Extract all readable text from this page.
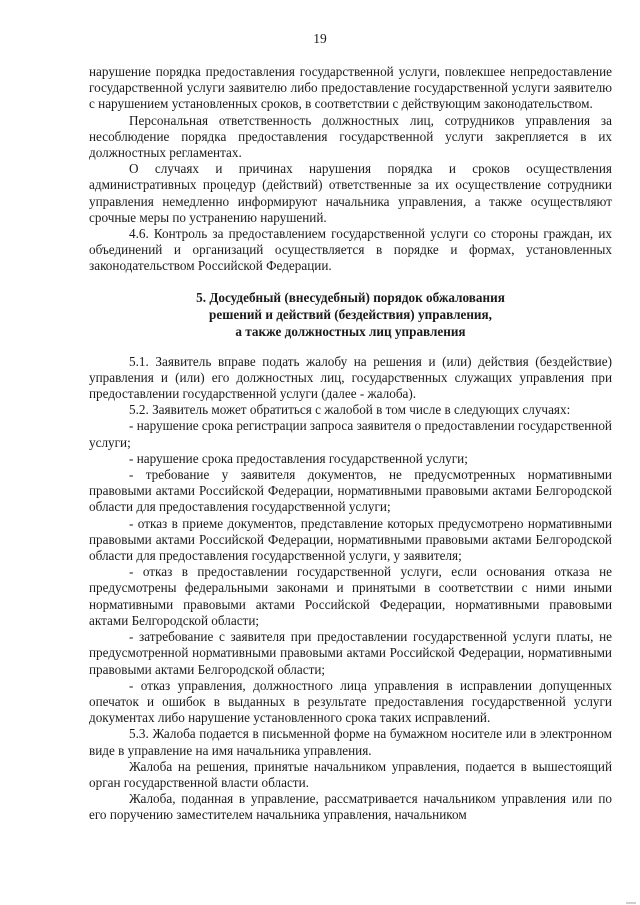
19

нарушение порядка предоставления государственной услуги, повлекшее непредоставление государственной услуги заявителю либо предоставление государственной услуги заявителю с нарушением установленных сроков, в соответствии с действующим законодательством.

Персональная ответственность должностных лиц, сотрудников управления за несоблюдение порядка предоставления государственной услуги закрепляется в их должностных регламентах.

О случаях и причинах нарушения порядка и сроков осуществления административных процедур (действий) ответственные за их осуществление сотрудники управления немедленно информируют начальника управления, а также осуществляют срочные меры по устранению нарушений.

4.6. Контроль за предоставлением государственной услуги со стороны граждан, их объединений и организаций осуществляется в порядке и формах, установленных законодательством Российской Федерации.

5. Досудебный (внесудебный) порядок обжалования
решений и действий (бездействия) управления,
а также должностных лиц управления

5.1. Заявитель вправе подать жалобу на решения и (или) действия (бездействие) управления и (или) его должностных лиц, государственных служащих управления при предоставлении государственной услуги (далее - жалоба).

5.2. Заявитель может обратиться с жалобой в том числе в следующих случаях:

- нарушение срока регистрации запроса заявителя о предоставлении государственной услуги;

- нарушение срока предоставления государственной услуги;

- требование у заявителя документов, не предусмотренных нормативными правовыми актами Российской Федерации, нормативными правовыми актами Белгородской области для предоставления государственной услуги;

- отказ в приеме документов, представление которых предусмотрено нормативными правовыми актами Российской Федерации, нормативными правовыми актами Белгородской области для предоставления государственной услуги, у заявителя;

- отказ в предоставлении государственной услуги, если основания отказа не предусмотрены федеральными законами и принятыми в соответствии с ними иными нормативными правовыми актами Российской Федерации, нормативными правовыми актами Белгородской области;

- затребование с заявителя при предоставлении государственной услуги платы, не предусмотренной нормативными правовыми актами Российской Федерации, нормативными правовыми актами Белгородской области;

- отказ управления, должностного лица управления в исправлении допущенных опечаток и ошибок в выданных в результате предоставления государственной услуги документах либо нарушение установленного срока таких исправлений.

5.3. Жалоба подается в письменной форме на бумажном носителе или в электронном виде в управление на имя начальника управления.

Жалоба на решения, принятые начальником управления, подается в вышестоящий орган государственной власти области.

Жалоба, поданная в управление, рассматривается начальником управления или по его поручению заместителем начальника управления, начальником
